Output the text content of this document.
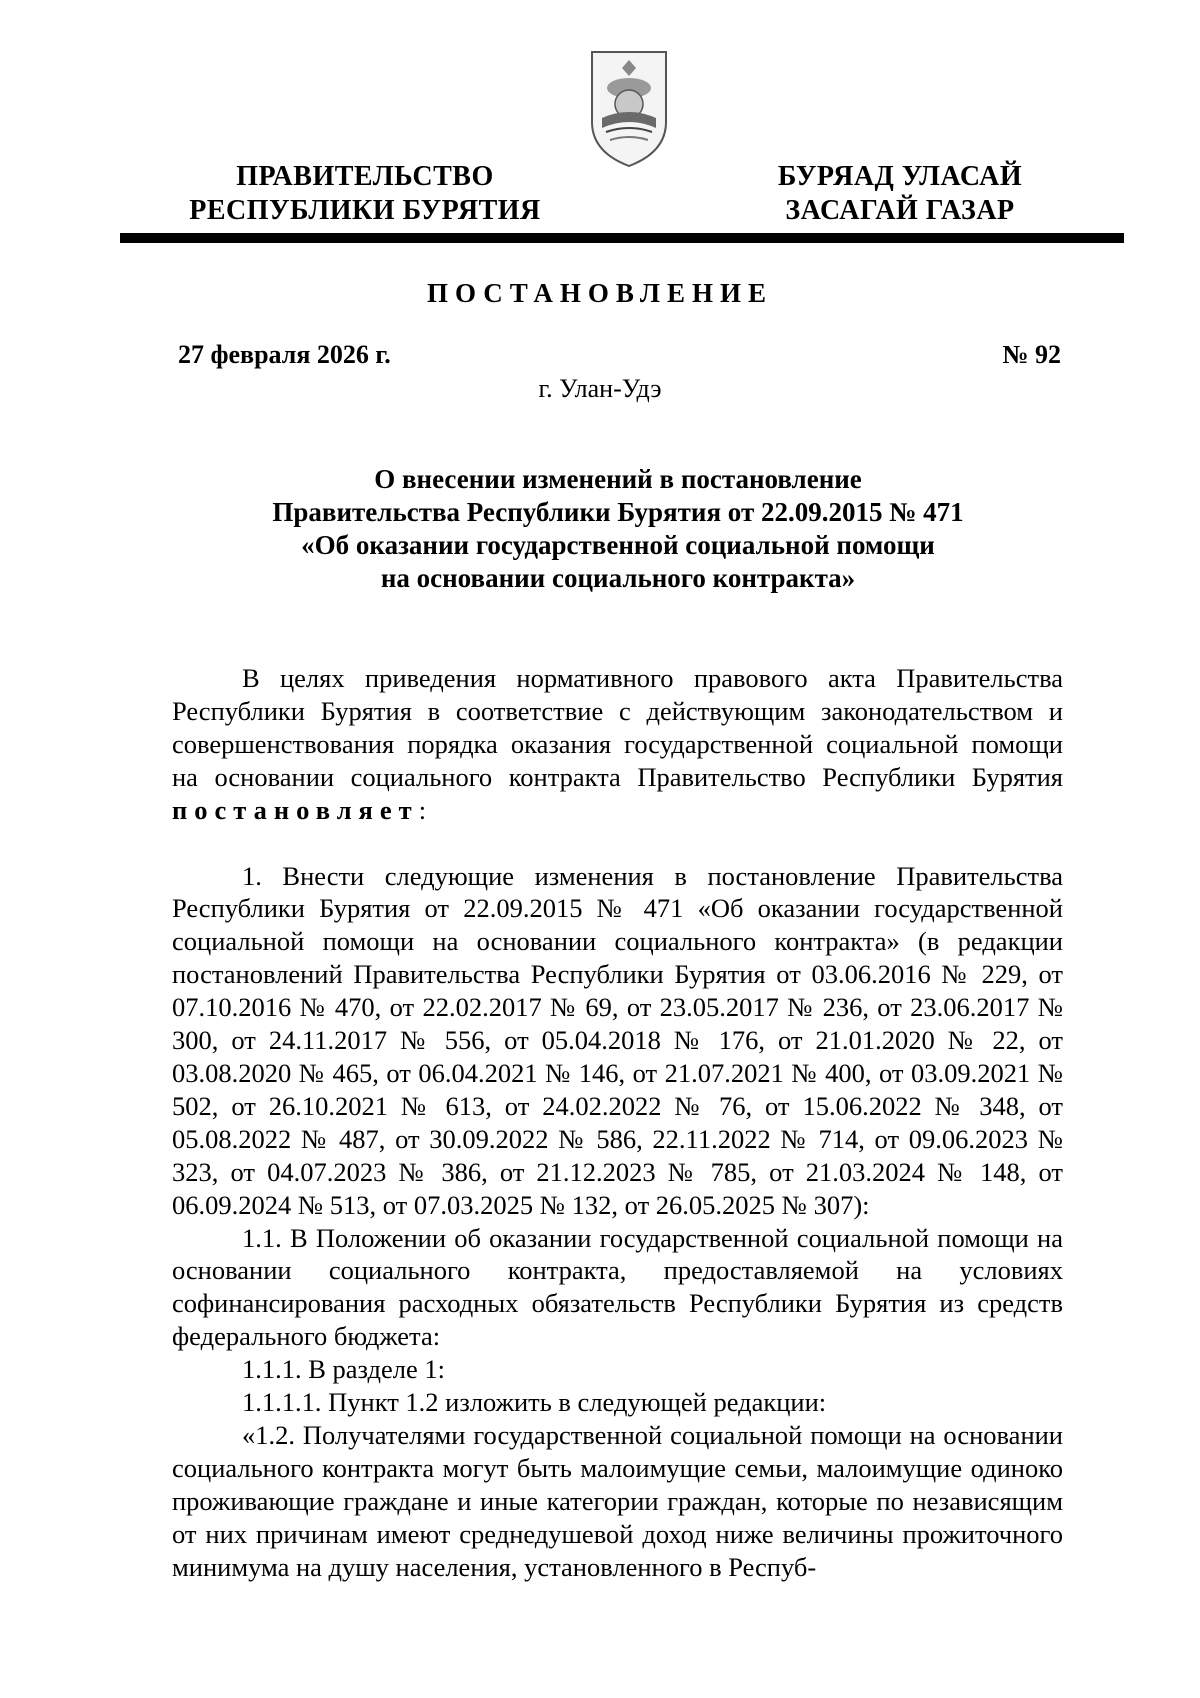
ПРАВИТЕЛЬСТВО
РЕСПУБЛИКИ БУРЯТИЯ
БУРЯАД УЛАСАЙ
ЗАСАГАЙ ГАЗАР
ПОСТАНОВЛЕНИЕ
27 февраля 2026 г.	№ 92
г. Улан-Удэ
О внесении изменений в постановление
Правительства Республики Бурятия от 22.09.2015 № 471
«Об оказании государственной социальной помощи
на основании социального контракта»

В целях приведения нормативного правового акта Правительства Республики Бурятия в соответствие с действующим законодательством и совершенствования порядка оказания государственной социальной помощи на основании социального контракта Правительство Республики Бурятия постановляет:

1. Внести следующие изменения в постановление Правительства Республики Бурятия от 22.09.2015 № 471 «Об оказании государственной социальной помощи на основании социального контракта» (в редакции постановлений Правительства Республики Бурятия от 03.06.2016 № 229, от 07.10.2016 № 470, от 22.02.2017 № 69, от 23.05.2017 № 236, от 23.06.2017 № 300, от 24.11.2017 № 556, от 05.04.2018 № 176, от 21.01.2020 № 22, от 03.08.2020 № 465, от 06.04.2021 № 146, от 21.07.2021 № 400, от 03.09.2021 № 502, от 26.10.2021 № 613, от 24.02.2022 № 76, от 15.06.2022 № 348, от 05.08.2022 № 487, от 30.09.2022 № 586, 22.11.2022 № 714, от 09.06.2023 № 323, от 04.07.2023 № 386, от 21.12.2023 № 785, от 21.03.2024 № 148, от 06.09.2024 № 513, от 07.03.2025 № 132, от 26.05.2025 № 307):

1.1. В Положении об оказании государственной социальной помощи на основании социального контракта, предоставляемой на условиях софинансирования расходных обязательств Республики Бурятия из средств федерального бюджета:

1.1.1. В разделе 1:

1.1.1.1. Пункт 1.2 изложить в следующей редакции:

«1.2. Получателями государственной социальной помощи на основании социального контракта могут быть малоимущие семьи, малоимущие одиноко проживающие граждане и иные категории граждан, которые по независящим от них причинам имеют среднедушевой доход ниже величины прожиточного минимума на душу населения, установленного в Респуб-
